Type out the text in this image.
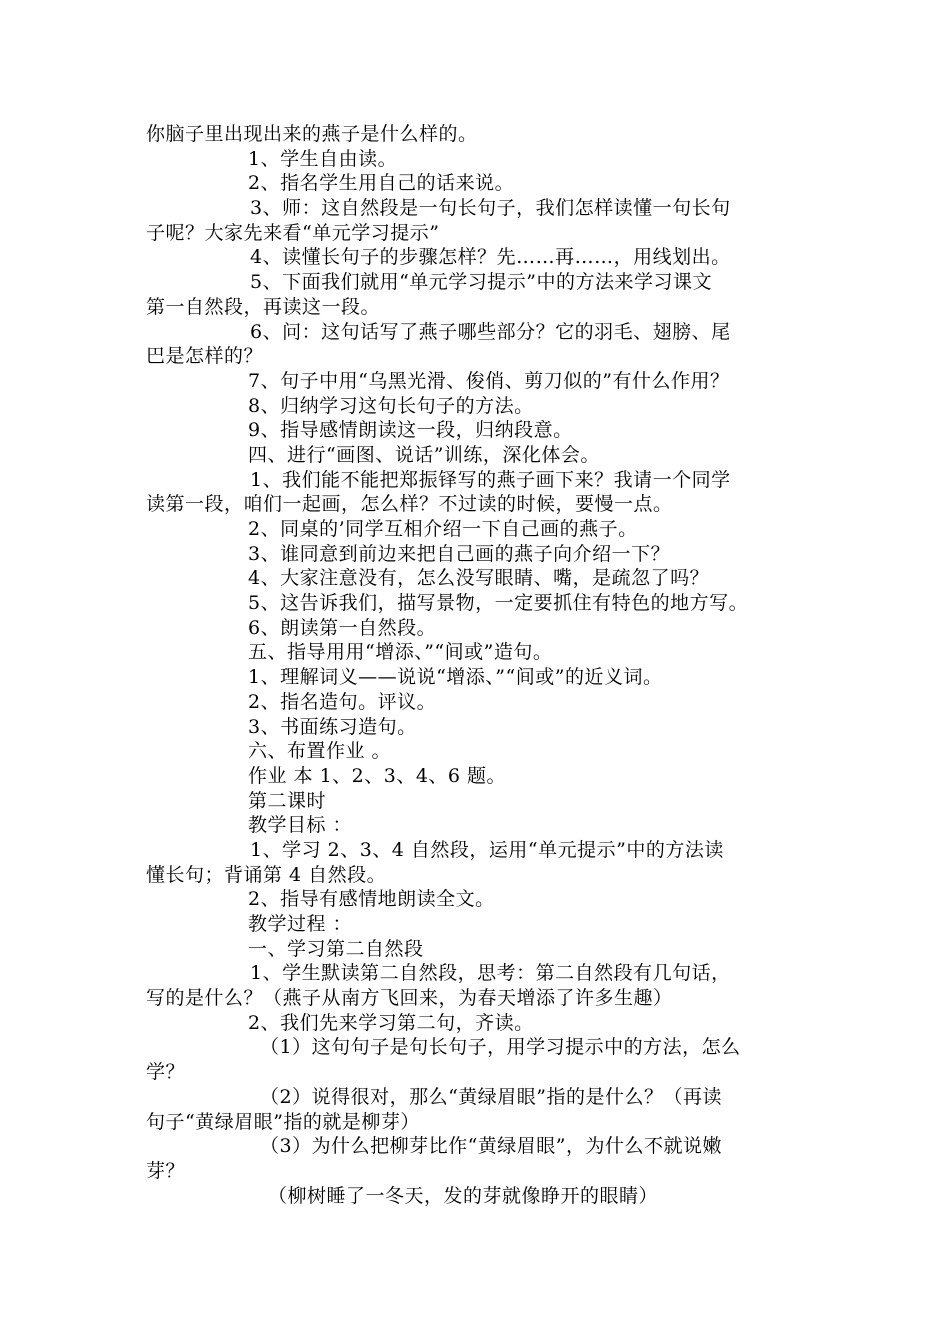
你脑子里出现出来的燕子是什么样的。
1、学生自由读。
2、指名学生用自己的话来说。
3、师：这自然段是一句长句子，我们怎样读懂一句长句
子呢？大家先来看“单元学习提示”
4、读懂长句子的步骤怎样？先……再……，用线划出。
5、下面我们就用“单元学习提示”中的方法来学习课文
第一自然段，再读这一段。
6、问：这句话写了燕子哪些部分？它的羽毛、翅膀、尾
巴是怎样的？
7、句子中用“乌黑光滑、俊俏、剪刀似的”有什么作用？
8、归纳学习这句长句子的方法。
9、指导感情朗读这一段，归纳段意。
四、进行“画图、说话”训练，深化体会。
1、我们能不能把郑振铎写的燕子画下来？我请一个同学
读第一段，咱们一起画，怎么样？不过读的时候，要慢一点。
2、同桌的’同学互相介绍一下自己画的燕子。
3、谁同意到前边来把自己画的燕子向介绍一下？
4、大家注意没有，怎么没写眼睛、嘴，是疏忽了吗？
5、这告诉我们，描写景物，一定要抓住有特色的地方写。
6、朗读第一自然段。
五、指导用用“增添、”“间或”造句。
1、理解词义——说说“增添、”“间或”的近义词。
2、指名造句。评议。
3、书面练习造句。
六、布置作业 。
作业 本 1、2、3、4、6 题。
第二课时
教学目标 ：
1、学习 2、3、4 自然段，运用“单元提示”中的方法读
懂长句；背诵第 4 自然段。
2、指导有感情地朗读全文。
教学过程 ：
一、学习第二自然段
1、学生默读第二自然段，思考：第二自然段有几句话，
写的是什么？（燕子从南方飞回来，为春天增添了许多生趣）
2、我们先来学习第二句，齐读。
（1）这句句子是句长句子，用学习提示中的方法，怎么
学？
（2）说得很对，那么“黄绿眉眼”指的是什么？（再读
句子“黄绿眉眼”指的就是柳芽）
（3）为什么把柳芽比作“黄绿眉眼”，为什么不就说嫩
芽？
（柳树睡了一冬天，发的芽就像睁开的眼睛）
